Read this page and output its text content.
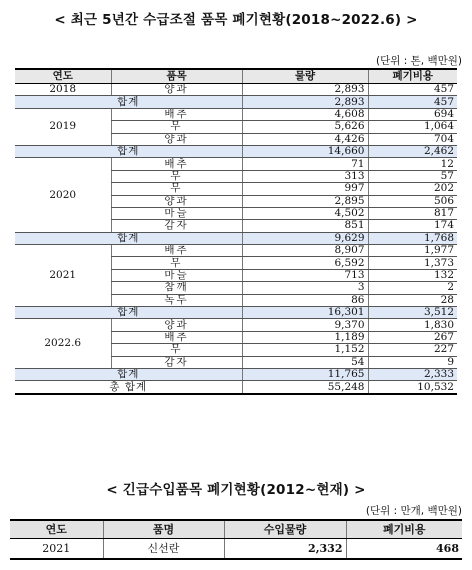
< 최근 5년간 수급조절 품목 폐기현황(2018~2022.6) >
(단위 : 톤, 백만원)
연도	품목	물량	폐기비용
2018	양과	2,893	457
합계		2,893	457
2019	배추	4,608	694
	무	5,626	1,064
	양과	4,426	704
합계		14,660	2,462
2020	배추	71	12
	무	313	57
	무	997	202
	양과	2,895	506
	마늘	4,502	817
	감자	851	174
합계		9,629	1,768
2021	배추	8,907	1,977
	무	6,592	1,373
	마늘	713	132
	참깨	3	2
	녹두	86	28
합계		16,301	3,512
2022.6	양과	9,370	1,830
	배추	1,189	267
	무	1,152	227
	감자	54	9
합계		11,765	2,333
총 합계		55,248	10,532
< 긴급수입품목 폐기현황(2012~현재) >
(단위 : 만개, 백만원)
연도	품명	수입물량	폐기비용
2021	신선란	2,332	468
